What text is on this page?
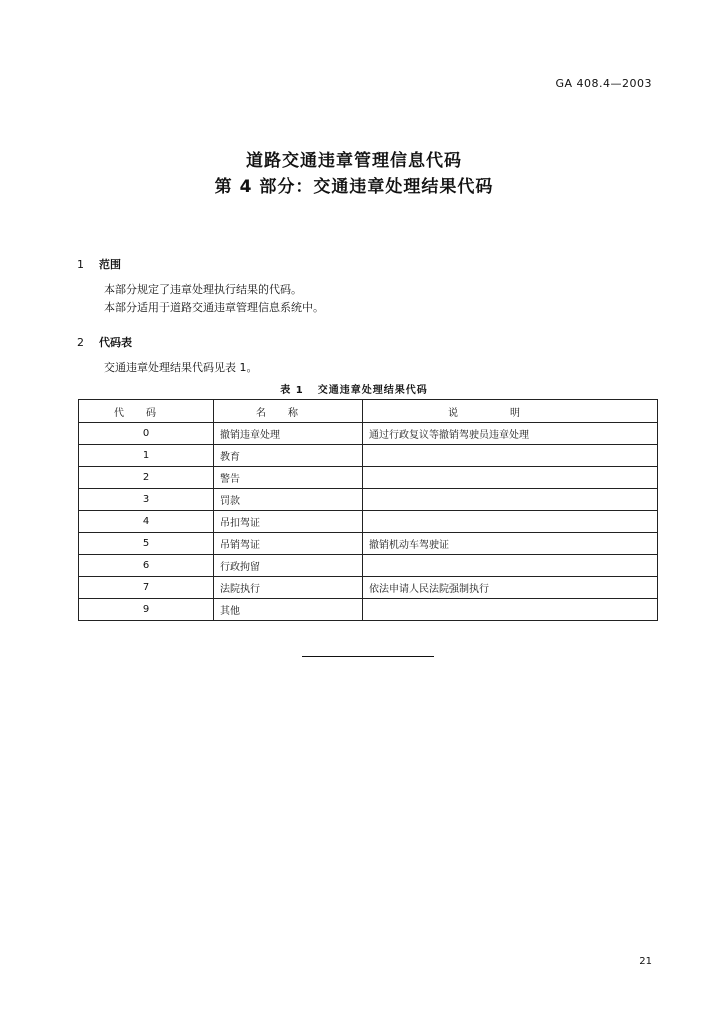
GA 408.4—2003
道路交通违章管理信息代码
第 4 部分：交通违章处理结果代码
1 范围
本部分规定了违章处理执行结果的代码。
本部分适用于道路交通违章管理信息系统中。
2 代码表
交通违章处理结果代码见表 1。
表 1 交通违章处理结果代码
代码	名称	说明
0	撤销违章处理	通过行政复议等撤销驾驶员违章处理
1	教育	
2	警告	
3	罚款	
4	吊扣驾证	
5	吊销驾证	撤销机动车驾驶证
6	行政拘留	
7	法院执行	依法申请人民法院强制执行
9	其他	
21
